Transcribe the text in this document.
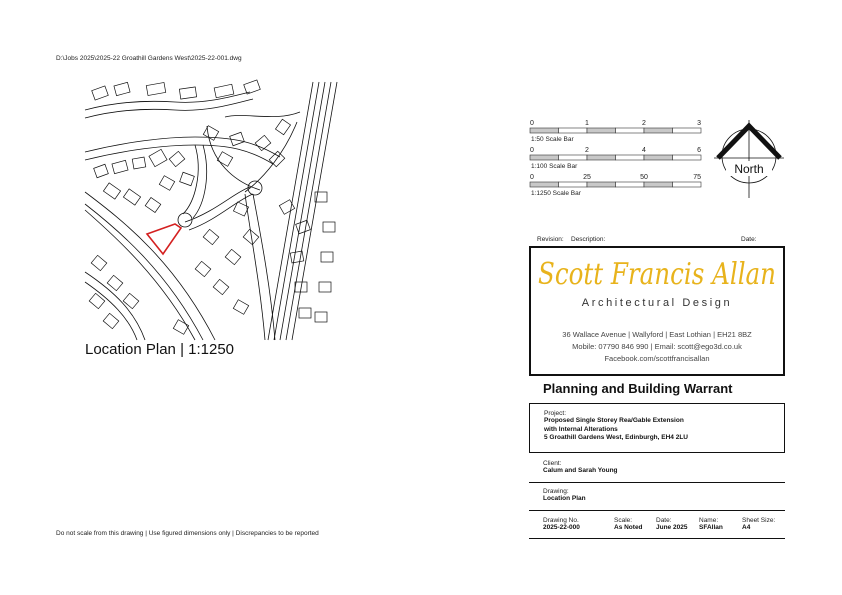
D:\Jobs 2025\2025-22 Groathill Gardens West\2025-22-001.dwg
Location Plan | 1:1250
0	1	2	3
1:50 Scale Bar
0	2	4	6
1:100 Scale Bar
0	25	50	75
1:1250 Scale Bar
North
Revision: Description:	Date:
Scott Francis Allan
Architectural Design
36 Wallace Avenue | Wallyford | East Lothian | EH21 8BZ
Mobile: 07790 846 990 | Email: scott@ego3d.co.uk
Facebook.com/scottfrancisallan
Planning and Building Warrant
Project:
Proposed Single Storey Rea/Gable Extension
with Internal Alterations
5 Groathill Gardens West, Edinburgh, EH4 2LU
Client:
Calum and Sarah Young
Drawing:
Location Plan
Drawing No.
2025-22-000
Scale:
As Noted
Date:
June 2025
Name:
SFAllan
Sheet Size:
A4
Do not scale from this drawing | Use figured dimensions only | Discrepancies to be reported
